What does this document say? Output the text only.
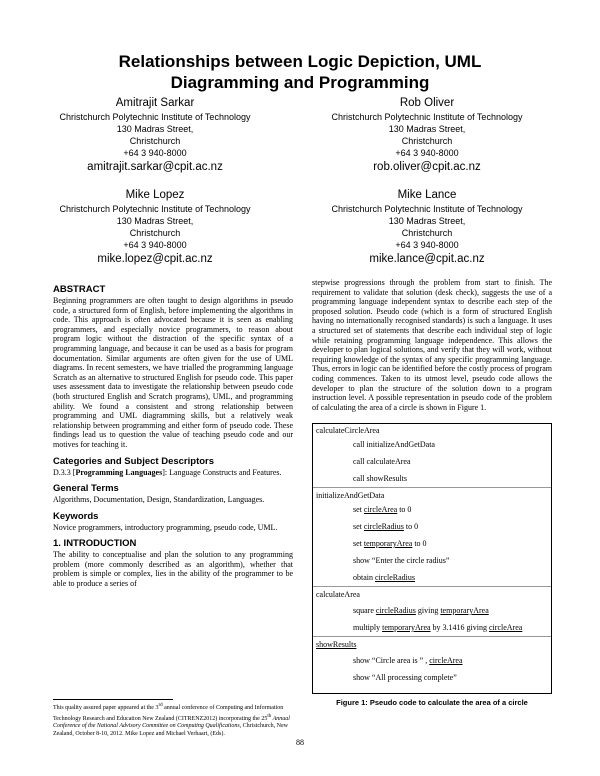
Relationships between Logic Depiction, UML
Diagramming and Programming
Amitrajit Sarkar
Christchurch Polytechnic Institute of Technology
130 Madras Street,
Christchurch
+64 3 940-8000
amitrajit.sarkar@cpit.ac.nz
Rob Oliver
Christchurch Polytechnic Institute of Technology
130 Madras Street,
Christchurch
+64 3 940-8000
rob.oliver@cpit.ac.nz
Mike Lopez
Christchurch Polytechnic Institute of Technology
130 Madras Street,
Christchurch
+64 3 940-8000
mike.lopez@cpit.ac.nz
Mike Lance
Christchurch Polytechnic Institute of Technology
130 Madras Street,
Christchurch
+64 3 940-8000
mike.lance@cpit.ac.nz
ABSTRACT

Beginning programmers are often taught to design algorithms in pseudo code, a structured form of English, before implementing the algorithms in code. This approach is often advocated because it is seen as enabling programmers, and especially novice programmers, to reason about program logic without the distraction of the specific syntax of a programming language, and because it can be used as a basis for program documentation. Similar arguments are often given for the use of UML diagrams. In recent semesters, we have trialled the programming language Scratch as an alternative to structured English for pseudo code. This paper uses assessment data to investigate the relationship between pseudo code (both structured English and Scratch programs), UML, and programming ability. We found a consistent and strong relationship between programming and UML diagramming skills, but a relatively weak relationship between programming and either form of pseudo code. These findings lead us to question the value of teaching pseudo code and our motives for teaching it.

Categories and Subject Descriptors

D.3.3 [Programming Languages]: Language Constructs and Features.

General Terms

Algorithms, Documentation, Design, Standardization, Languages.

Keywords

Novice programmers, introductory programming, pseudo code, UML.

1. INTRODUCTION

The ability to conceptualise and plan the solution to any programming problem (more commonly described as an algorithm), whether that problem is simple or complex, lies in the ability of the programmer to be able to produce a series of

stepwise progressions through the problem from start to finish. The requirement to validate that solution (desk check), suggests the use of a programming language independent syntax to describe each step of the proposed solution. Pseudo code (which is a form of structured English having no internationally recognised standards) is such a language. It uses a structured set of statements that describe each individual step of logic while retaining programming language independence. This allows the developer to plan logical solutions, and verify that they will work, without requiring knowledge of the syntax of any specific programming language. Thus, errors in logic can be identified before the costly process of program coding commences. Taken to its utmost level, pseudo code allows the developer to plan the structure of the solution down to a program instruction level. A possible representation in pseudo code of the problem of calculating the area of a circle is shown in Figure 1.

calculateCircleArea
call initializeAndGetData
call calculateArea
call showResults
initializeAndGetData
set circleArea to 0
set circleRadius to 0
set temporaryArea to 0
show “Enter the circle radius”
obtain circleRadius
calculateArea
square circleRadius giving temporaryArea
multiply temporaryArea by 3.1416 giving circleArea
showResults
show “Circle area is ” , circleArea
show “All processing complete”
Figure 1: Pseudo code to calculate the area of a circle
This quality assured paper appeared at the 3rd annual conference of Computing and Information Technology Research and Education New Zealand (CITRENZ2012) incorporating the 25th Annual Conference of the National Advisory Committee on Computing Qualifications, Christchurch, New Zealand, October 8-10, 2012. Mike Lopez and Michael Verhaart, (Eds).
88
